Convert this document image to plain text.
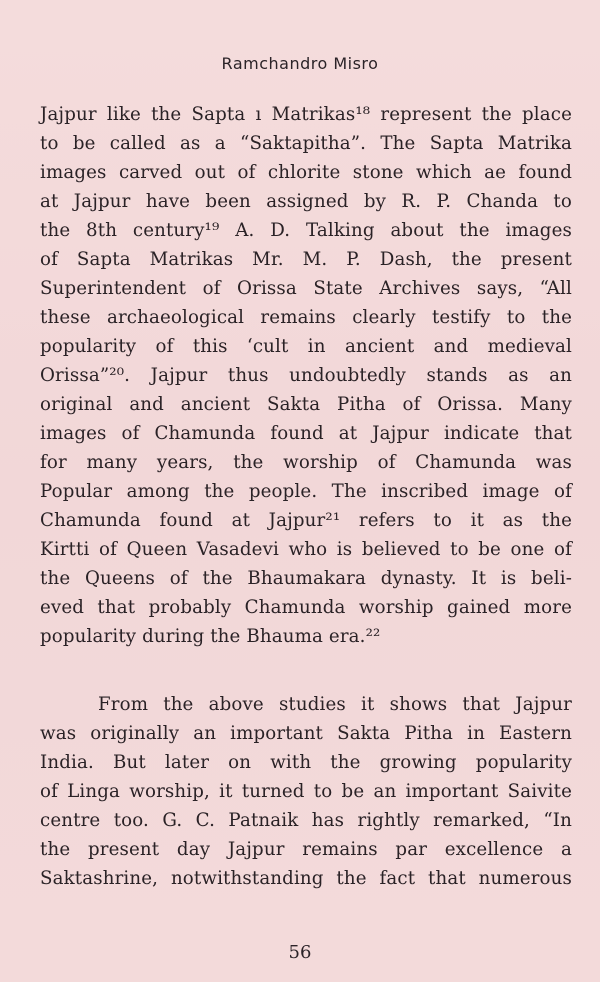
Ramchandro Misro
Jajpur like the Sapta ı Matrikas¹⁸ represent the place
to be called as a “Saktapitha”. The Sapta Matrika
images carved out of chlorite stone which ae found
at Jajpur have been assigned by R. P. Chanda to
the 8th century¹⁹ A. D. Talking about the images
of Sapta Matrikas Mr. M. P. Dash, the present
Superintendent of Orissa State Archives says, “All
these archaeological remains clearly testify to the
popularity of this ‘cult in ancient and medieval
Orissa”²⁰. Jajpur thus undoubtedly stands as an
original and ancient Sakta Pitha of Orissa. Many
images of Chamunda found at Jajpur indicate that
for many years, the worship of Chamunda was
Popular among the people. The inscribed image of
Chamunda found at Jajpur²¹ refers to it as the
Kirtti of Queen Vasadevi who is believed to be one of
the Queens of the Bhaumakara dynasty. It is beli-
eved that probably Chamunda worship gained more
popularity during the Bhauma era.²²
From the above studies it shows that Jajpur
was originally an important Sakta Pitha in Eastern
India. But later on with the growing popularity
of Linga worship, it turned to be an important Saivite
centre too. G. C. Patnaik has rightly remarked, “In
the present day Jajpur remains par excellence a
Saktashrine, notwithstanding the fact that numerous
56
